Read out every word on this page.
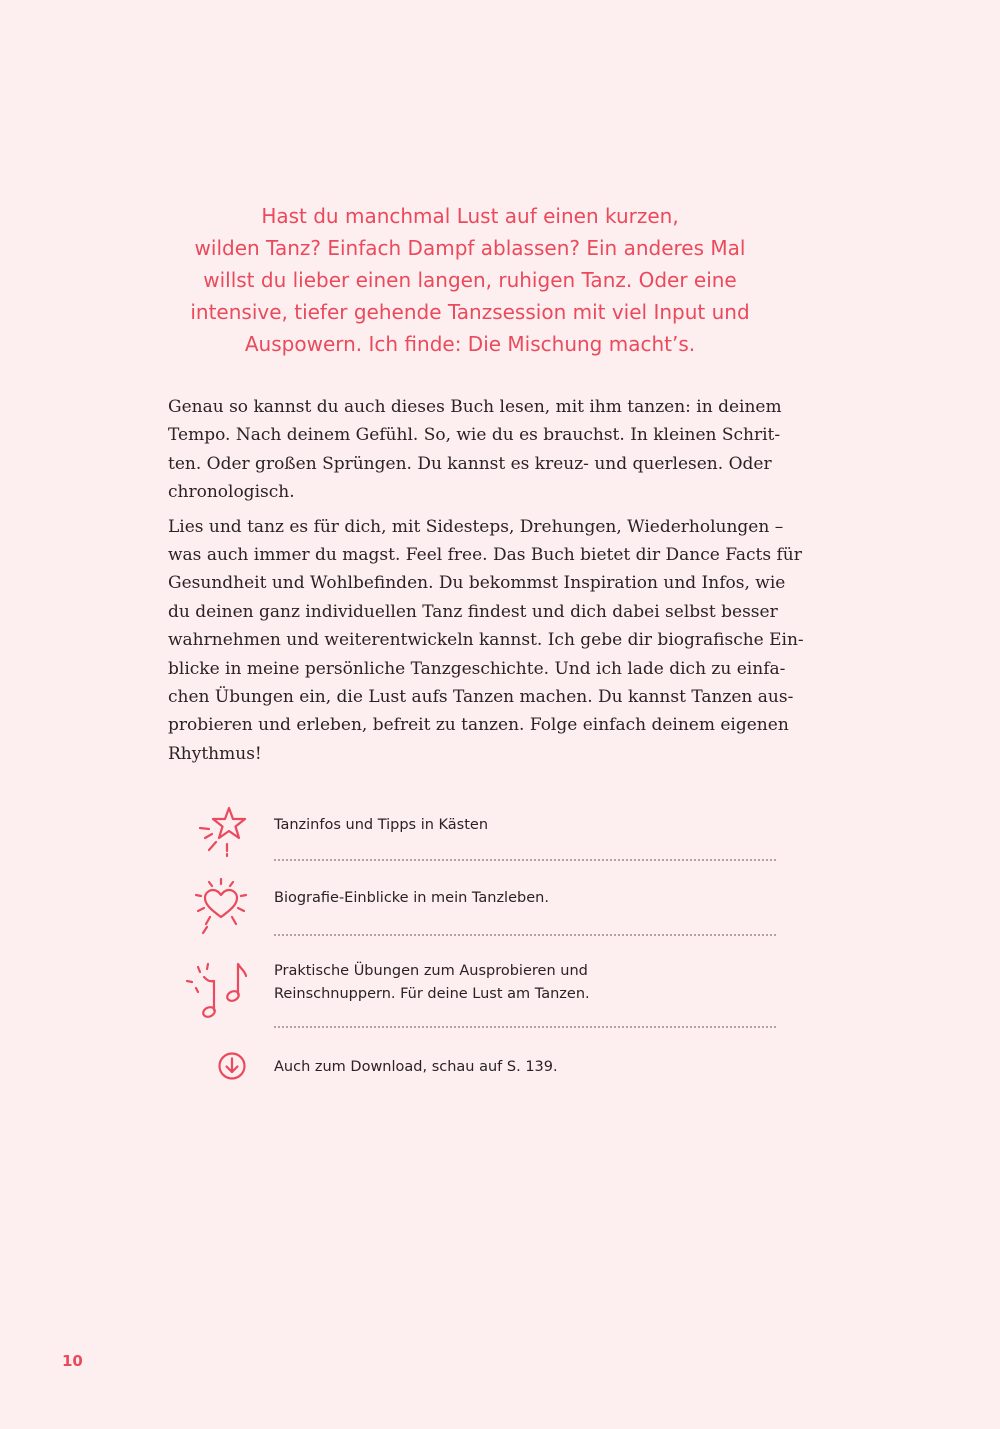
Hast du manchmal Lust auf einen kurzen,
wilden Tanz? Einfach Dampf ablassen? Ein anderes Mal
willst du lieber einen langen, ruhigen Tanz. Oder eine
intensive, tiefer gehende Tanzsession mit viel Input und
Auspowern. Ich finde: Die Mischung macht’s.

Genau so kannst du auch dieses Buch lesen, mit ihm tanzen: in deinem
Tempo. Nach deinem Gefühl. So, wie du es brauchst. In kleinen Schrit-
ten. Oder großen Sprüngen. Du kannst es kreuz- und querlesen. Oder
chronologisch.

Lies und tanz es für dich, mit Sidesteps, Drehungen, Wiederholungen –
was auch immer du magst. Feel free. Das Buch bietet dir Dance Facts für
Gesundheit und Wohlbefinden. Du bekommst Inspiration und Infos, wie
du deinen ganz individuellen Tanz findest und dich dabei selbst besser
wahrnehmen und weiterentwickeln kannst. Ich gebe dir biografische Ein-
blicke in meine persönliche Tanzgeschichte. Und ich lade dich zu einfa-
chen Übungen ein, die Lust aufs Tanzen machen. Du kannst Tanzen aus-
probieren und erleben, befreit zu tanzen. Folge einfach deinem eigenen
Rhythmus!

Tanzinfos und Tipps in Kästen
Biografie-Einblicke in mein Tanzleben.
Praktische Übungen zum Ausprobieren und
Reinschnuppern. Für deine Lust am Tanzen.
Auch zum Download, schau auf S. 139.
10
